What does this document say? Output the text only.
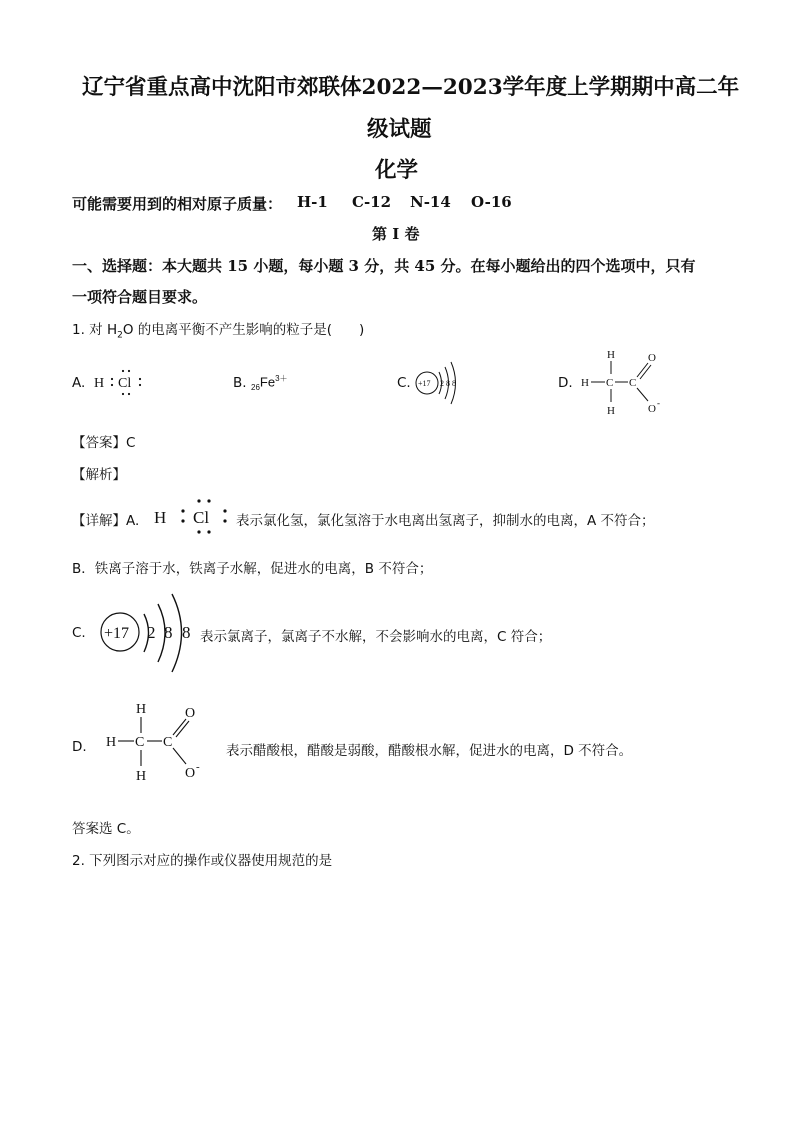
辽宁省重点高中沈阳市郊联体2022—2023学年度上学期期中高二年
级试题
化学
可能需要用到的相对原子质量： H-1 C-12 N-14 O-16
第 I 卷
一、选择题：本大题共 15 小题，每小题 3 分，共 45 分。在每小题给出的四个选项中，只有
一项符合题目要求。
1. 对 $H_2O$ 的电离平衡不产生影响的粒子是(　　)
A. H Cl	B. $_{26}Fe^{3+}$	C. +17 2 8 8	D.
H
H C C
H
O
O -
【答案】C
【解析】
【详解】A. H Cl 表示氯化氢，氯化氢溶于水电离出氢离子，抑制水的电离，A 不符合；
B．铁离子溶于水，铁离子水解，促进水的电离，B 不符合；
C. +17 2 8 8 表示氯离子，氯离子不水解，不会影响水的电离，C 符合；
D.
H
H C C
H
O
O -
表示醋酸根，醋酸是弱酸，醋酸根水解，促进水的电离，D 不符合。
答案选 C。
2. 下列图示对应的操作或仪器使用规范的是
